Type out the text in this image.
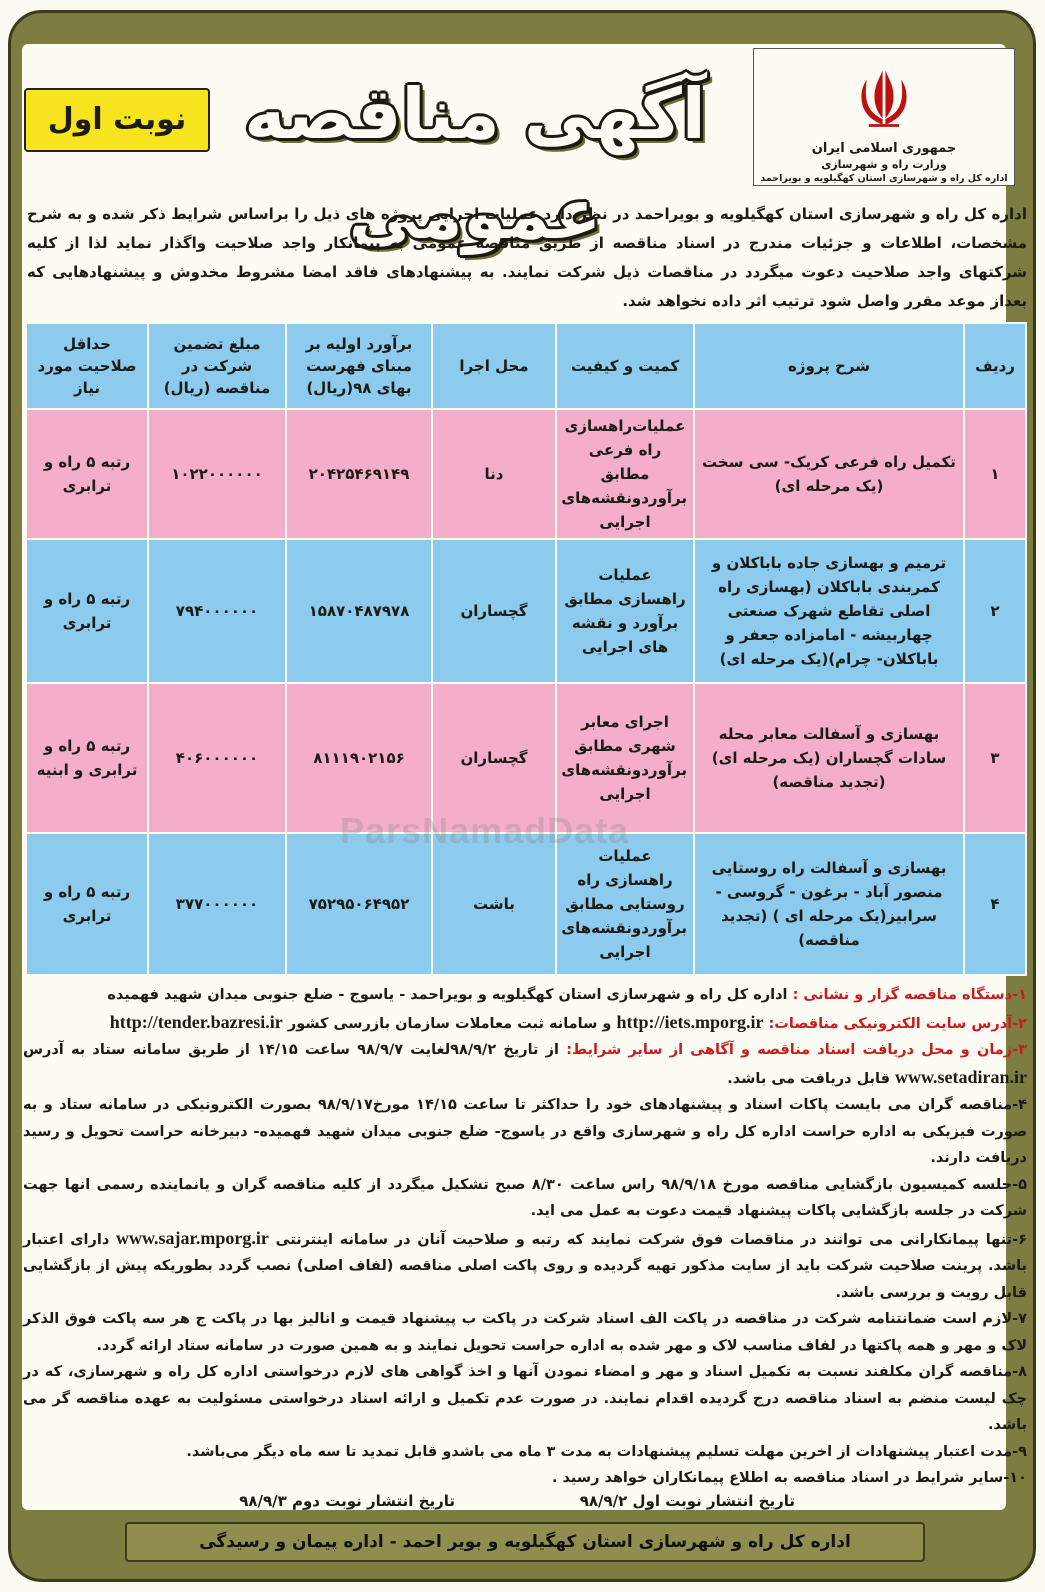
جمهوری اسلامی ایران
وزارت راه و شهرسازی
اداره کل راه و شهرسازی استان کهگیلویه و بویراحمد
آگهی مناقصه عمومی
نوبت اول
اداره کل راه و شهرسازی استان کهگیلویه و بویراحمد در نظر دارد عملیات اجرایی پروژه های ذیل را براساس شرایط ذکر شده و به شرح مشخصات، اطلاعات و جزئیات مندرج در اسناد مناقصه از طریق مناقصه عمومی به پیمانکار واجد صلاحیت واگذار نماید لذا از کلیه شرکتهای واجد صلاحیت دعوت میگردد در مناقصات ذیل شرکت نمایند. به پیشنهادهای فاقد امضا مشروط مخدوش و پیشنهادهایی که بعداز موعد مقرر واصل شود ترتیب اثر داده نخواهد شد.
ردیف	شرح پروژه	کمیت و کیفیت	محل اجرا	برآورد اولیه بر مبنای فهرست بهای ۹۸(ریال)	مبلغ تضمین شرکت در مناقصه (ریال)	حداقل صلاحیت مورد نیاز
۱	تکمیل راه فرعی کریک- سی سخت (یک مرحله ای)	عملیات‌راهسازی راه فرعی مطابق برآوردونقشه‌های اجرایی	دنا	۲۰۴۲۵۴۶۹۱۴۹	۱۰۲۲۰۰۰۰۰۰	رتبه ۵ راه و ترابری
۲	ترمیم و بهسازی جاده باباکلان و کمربندی باباکلان (بهسازی راه اصلی تقاطع شهرک صنعتی چهاربیشه - امامزاده جعفر و باباکلان- چرام)(یک مرحله ای)	عملیات راهسازی مطابق برآورد و نقشه های اجرایی	گچساران	۱۵۸۷۰۴۸۷۹۷۸	۷۹۴۰۰۰۰۰۰	رتبه ۵ راه و ترابری
۳	بهسازی و آسفالت معابر محله سادات گچساران (یک مرحله ای) (تجدید مناقصه)	اجرای معابر شهری مطابق برآوردونقشه‌های اجرایی	گچساران	۸۱۱۱۹۰۲۱۵۶	۴۰۶۰۰۰۰۰۰	رتبه ۵ راه و ترابری و ابنیه
۴	بهسازی و آسفالت راه روستایی منصور آباد - برغون - گروسی - سرابیز(یک مرحله ای ) (تجدید مناقصه)	عملیات راهسازی راه روستایی مطابق برآوردونقشه‌های اجرایی	باشت	۷۵۲۹۵۰۶۴۹۵۲	۳۷۷۰۰۰۰۰۰	رتبه ۵ راه و ترابری
ParsNamadData

۱-دستگاه مناقصه گزار و نشانی : اداره کل راه و شهرسازی استان کهگیلویه و بویراحمد - یاسوج - ضلع جنوبی میدان شهید فهمیده

۲-آدرس سایت الکترونیکی مناقصات: http://iets.mporg.ir و سامانه ثبت معاملات سازمان بازرسی کشور http://tender.bazresi.ir

۳-زمان و محل دریافت اسناد مناقصه و آگاهی از سایر شرایط: از تاریخ ۹۸/۹/۲لغایت ۹۸/۹/۷ ساعت ۱۴/۱۵ از طریق سامانه ستاد به آدرس www.setadiran.ir قابل دریافت می باشد.

۴-مناقصه گران می بایست پاکات اسناد و پیشنهادهای خود را حداکثر تا ساعت ۱۴/۱۵ مورخ۹۸/۹/۱۷ بصورت الکترونیکی در سامانه ستاد و به صورت فیزیکی به اداره حراست اداره کل راه و شهرسازی واقع در یاسوج- ضلع جنوبی میدان شهید فهمیده- دبیرخانه حراست تحویل و رسید دریافت دارند.

۵-جلسه کمیسیون بازگشایی مناقصه مورخ ۹۸/۹/۱۸ راس ساعت ۸/۳۰ صبح تشکیل میگردد از کلیه مناقصه گران و یانماینده رسمی انها جهت شرکت در جلسه بازگشایی پاکات پیشنهاد قیمت دعوت به عمل می اید.

۶-تنها پیمانکارانی می توانند در مناقصات فوق شرکت نمایند که رتبه و صلاحیت آنان در سامانه اینترنتی www.sajar.mporg.ir دارای اعتبار باشد. پرینت صلاحیت شرکت باید از سایت مذکور تهیه گردیده و روی پاکت اصلی مناقصه (لفاف اصلی) نصب گردد بطوریکه پیش از بازگشایی قابل رویت و بررسی باشد.

۷-لازم است ضمانتنامه شرکت در مناقصه در پاکت الف اسناد شرکت در پاکت ب پیشنهاد قیمت و انالیز بها در پاکت ج هر سه پاکت فوق الذکر لاک و مهر و همه پاکتها در لفاف مناسب لاک و مهر شده به اداره حراست تحویل نمایند و به همین صورت در سامانه ستاد ارائه گردد.

۸-مناقصه گران مکلفند نسبت به تکمیل اسناد و مهر و امضاء نمودن آنها و اخذ گواهی های لازم درخواستی اداره کل راه و شهرسازی، که در چک لیست منضم به اسناد مناقصه درج گردیده اقدام نمایند. در صورت عدم تکمیل و ارائه اسناد درخواستی مسئولیت به عهده مناقصه گر می باشد.

۹-مدت اعتبار پیشنهادات از اخرین مهلت تسلیم پیشنهادات به مدت ۳ ماه می باشدو قابل تمدید تا سه ماه دیگر می‌باشد.

۱۰-سایر شرایط در اسناد مناقصه به اطلاع پیمانکاران خواهد رسید .

تاریخ انتشار نوبت اول ۹۸/۹/۲
تاریخ انتشار نوبت دوم ۹۸/۹/۳
اداره کل راه و شهرسازی استان کهگیلویه و بویر احمد - اداره پیمان و رسیدگی
